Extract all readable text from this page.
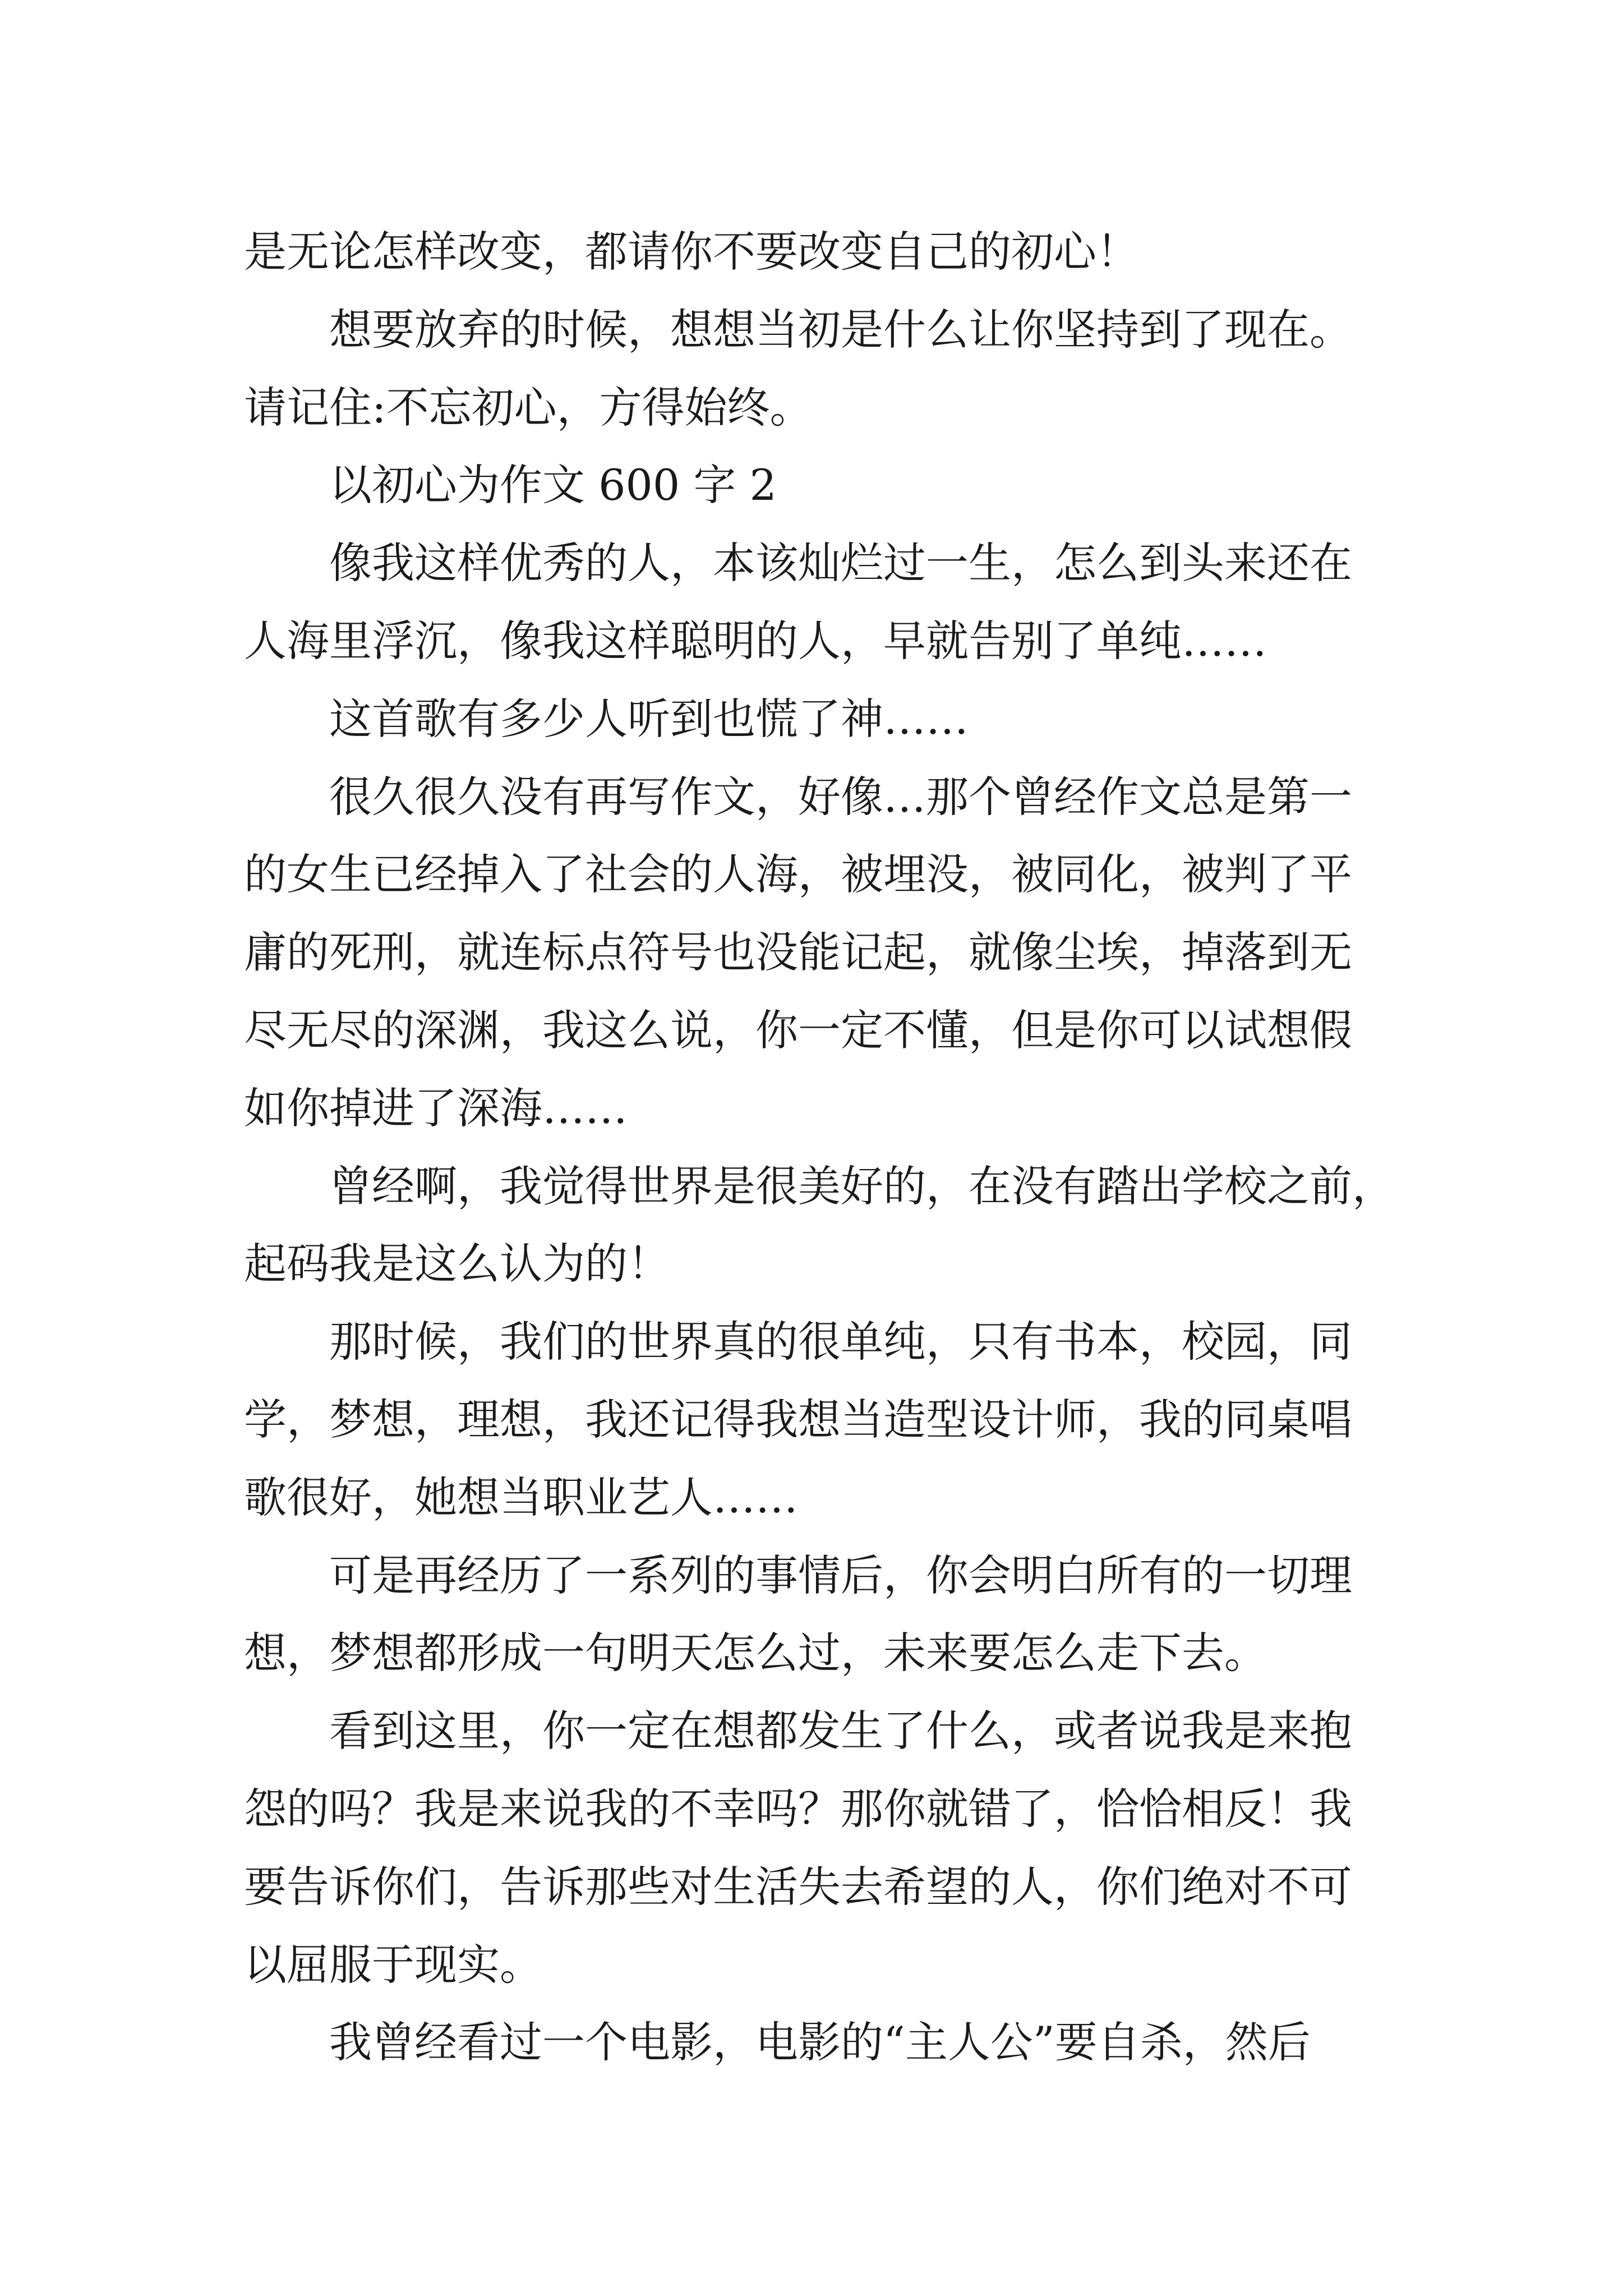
是无论怎样改变，都请你不要改变自己的初心！
想要放弃的时候，想想当初是什么让你坚持到了现在。
请记住:不忘初心，方得始终。
以初心为作文 600 字 2
像我这样优秀的人，本该灿烂过一生，怎么到头来还在
人海里浮沉，像我这样聪明的人，早就告别了单纯……
这首歌有多少人听到也慌了神……
很久很久没有再写作文，好像…那个曾经作文总是第一
的女生已经掉入了社会的人海，被埋没，被同化，被判了平
庸的死刑，就连标点符号也没能记起，就像尘埃，掉落到无
尽无尽的深渊，我这么说，你一定不懂，但是你可以试想假
如你掉进了深海……
曾经啊，我觉得世界是很美好的，在没有踏出学校之前，
起码我是这么认为的！
那时候，我们的世界真的很单纯，只有书本，校园，同
学，梦想，理想，我还记得我想当造型设计师，我的同桌唱
歌很好，她想当职业艺人……
可是再经历了一系列的事情后，你会明白所有的一切理
想，梦想都形成一句明天怎么过，未来要怎么走下去。
看到这里，你一定在想都发生了什么，或者说我是来抱
怨的吗？我是来说我的不幸吗？那你就错了，恰恰相反！我
要告诉你们，告诉那些对生活失去希望的人，你们绝对不可
以屈服于现实。
我曾经看过一个电影，电影的“主人公”要自杀，然后
